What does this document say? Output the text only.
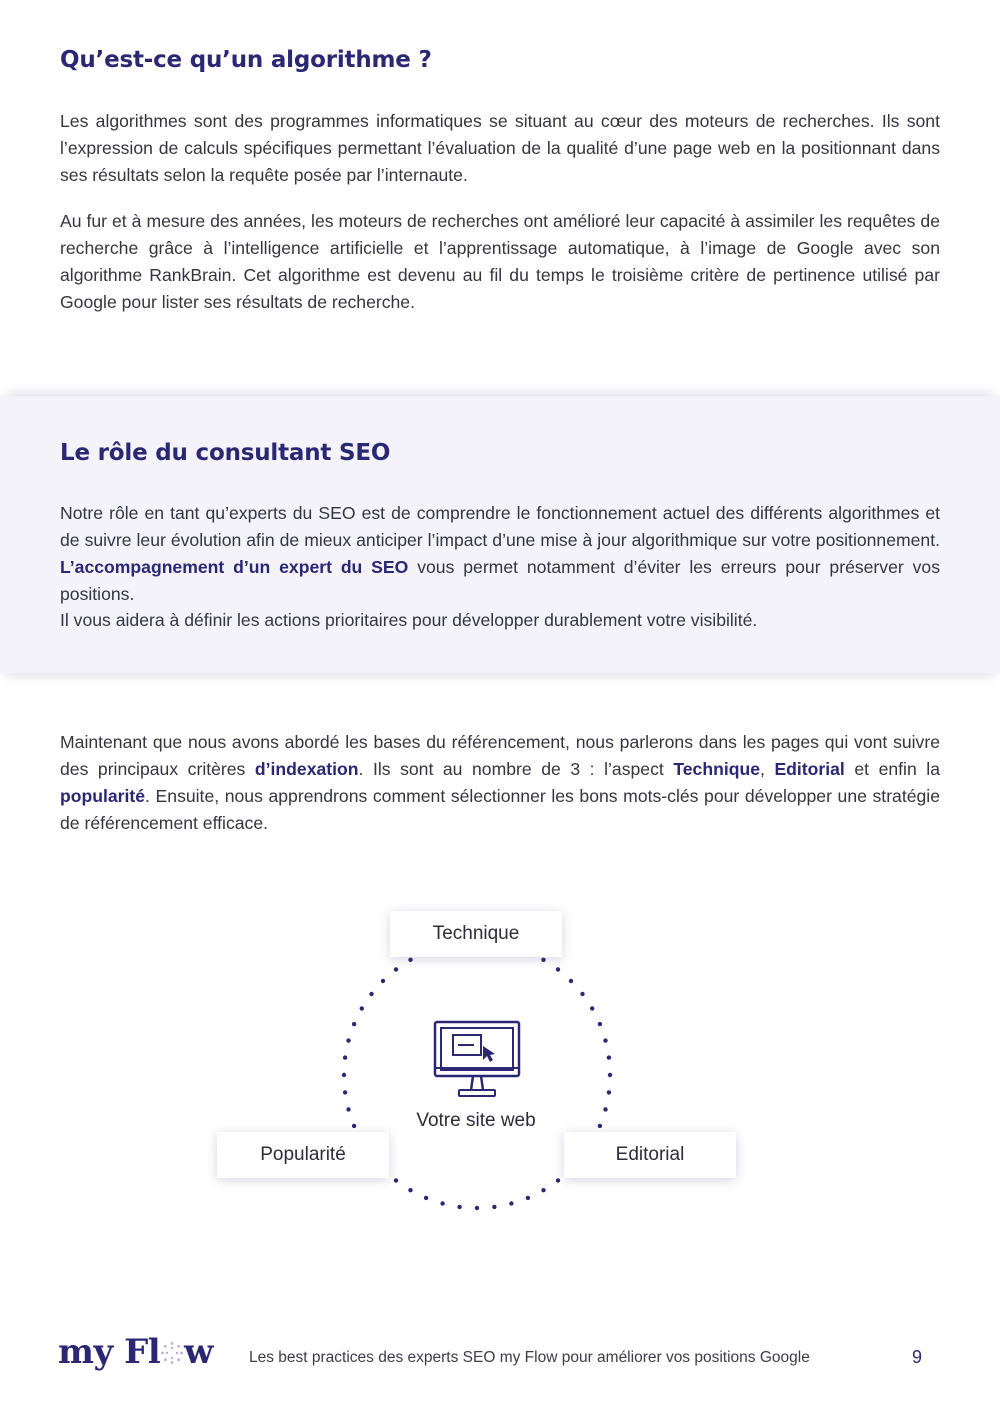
Qu’est-ce qu’un algorithme ?

Les algorithmes sont des programmes informatiques se situant au cœur des moteurs de recherches. Ils sont l’expression de calculs spécifiques permettant l’évaluation de la qualité d’une page web en la positionnant dans ses résultats selon la requête posée par l’internaute.

Au fur et à mesure des années, les moteurs de recherches ont amélioré leur capacité à assimiler les requêtes de recherche grâce à l’intelligence artificielle et l’apprentissage automatique, à l’image de Google avec son algorithme RankBrain. Cet algorithme est devenu au fil du temps le troisième critère de pertinence utilisé par Google pour lister ses résultats de recherche.

Le rôle du consultant SEO

Notre rôle en tant qu’experts du SEO est de comprendre le fonctionnement actuel des différents algorithmes et de suivre leur évolution afin de mieux anticiper l’impact d’une mise à jour algorithmique sur votre positionnement. L’accompagnement d’un expert du SEO vous permet notamment d’éviter les erreurs pour préserver vos positions.

Il vous aidera à définir les actions prioritaires pour développer durablement votre visibilité.

Maintenant que nous avons abordé les bases du référencement, nous parlerons dans les pages qui vont suivre des principaux critères d’indexation. Ils sont au nombre de 3 : l’aspect Technique, Editorial et enfin la popularité. Ensuite, nous apprendrons comment sélectionner les bons mots-clés pour développer une stratégie de référencement efficace.

Votre site web
Technique
Popularité	Editorial
my Fl w Les best practices des experts SEO my Flow pour améliorer vos positions Google	9
